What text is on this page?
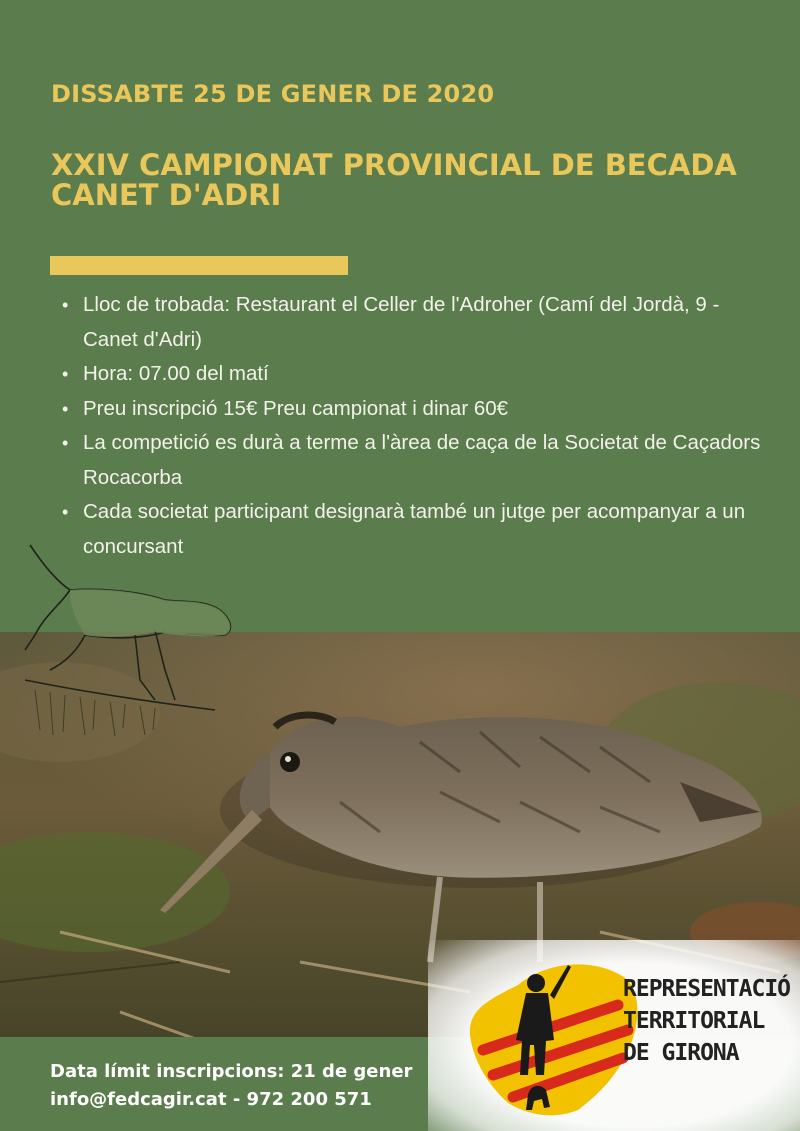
DISSABTE 25 DE GENER DE 2020
XXIV CAMPIONAT PROVINCIAL DE BECADA
CANET D'ADRI
• Lloc de trobada: Restaurant el Celler de l'Adroher (Camí del Jordà, 9 -Canet d'Adri)
• Hora: 07.00 del matí
• Preu inscripció 15€ Preu campionat i dinar 60€
• La competició es durà a terme a l'àrea de caça de la Societat de Caçadors Rocacorba
• Cada societat participant designarà també un jutge per acompanyar a un concursant
Data límit inscripcions: 21 de gener
info@fedcagir.cat - 972 200 571
REPRESENTACIÓ
TERRITORIAL
DE GIRONA
